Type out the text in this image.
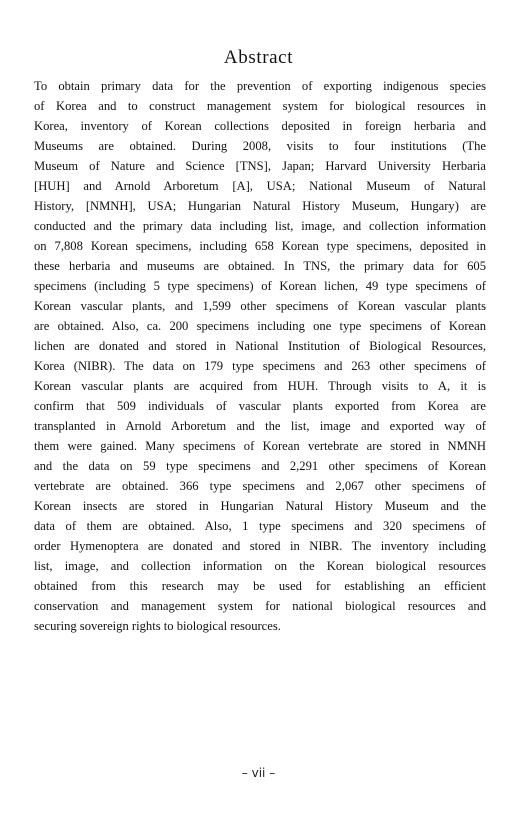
Abstract
To obtain primary data for the prevention of exporting indigenous species
of Korea and to construct management system for biological resources in
Korea, inventory of Korean collections deposited in foreign herbaria and
Museums are obtained. During 2008, visits to four institutions (The
Museum of Nature and Science [TNS], Japan; Harvard University Herbaria
[HUH] and Arnold Arboretum [A], USA; National Museum of Natural
History, [NMNH], USA; Hungarian Natural History Museum, Hungary) are
conducted and the primary data including list, image, and collection information
on 7,808 Korean specimens, including 658 Korean type specimens, deposited in
these herbaria and museums are obtained. In TNS, the primary data for 605
specimens (including 5 type specimens) of Korean lichen, 49 type specimens of
Korean vascular plants, and 1,599 other specimens of Korean vascular plants
are obtained. Also, ca. 200 specimens including one type specimens of Korean
lichen are donated and stored in National Institution of Biological Resources,
Korea (NIBR). The data on 179 type specimens and 263 other specimens of
Korean vascular plants are acquired from HUH. Through visits to A, it is
confirm that 509 individuals of vascular plants exported from Korea are
transplanted in Arnold Arboretum and the list, image and exported way of
them were gained. Many specimens of Korean vertebrate are stored in NMNH
and the data on 59 type specimens and 2,291 other specimens of Korean
vertebrate are obtained. 366 type specimens and 2,067 other specimens of
Korean insects are stored in Hungarian Natural History Museum and the
data of them are obtained. Also, 1 type specimens and 320 specimens of
order Hymenoptera are donated and stored in NIBR. The inventory including
list, image, and collection information on the Korean biological resources
obtained from this research may be used for establishing an efficient
conservation and management system for national biological resources and
securing sovereign rights to biological resources.
– vii –
